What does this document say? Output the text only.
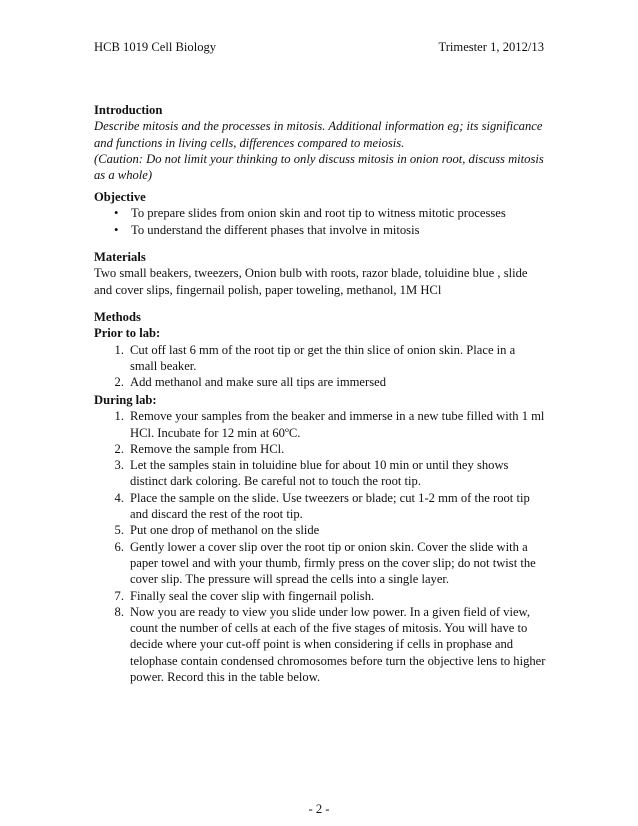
HCB 1019 Cell Biology	Trimester 1, 2012/13
Introduction
Describe mitosis and the processes in mitosis. Additional information eg; its significance
and functions in living cells, differences compared to meiosis.
(Caution: Do not limit your thinking to only discuss mitosis in onion root, discuss mitosis
as a whole)
Objective
• To prepare slides from onion skin and root tip to witness mitotic processes
• To understand the different phases that involve in mitosis
Materials
Two small beakers, tweezers, Onion bulb with roots, razor blade, toluidine blue , slide
and cover slips, fingernail polish, paper toweling, methanol, 1M HCl
Methods
Prior to lab:
1. Cut off last 6 mm of the root tip or get the thin slice of onion skin. Place in a
small beaker.
2. Add methanol and make sure all tips are immersed
During lab:
1. Remove your samples from the beaker and immerse in a new tube filled with 1 ml
HCl. Incubate for 12 min at 60ºC.
2. Remove the sample from HCl.
3. Let the samples stain in toluidine blue for about 10 min or until they shows
distinct dark coloring. Be careful not to touch the root tip.
4. Place the sample on the slide. Use tweezers or blade; cut 1-2 mm of the root tip
and discard the rest of the root tip.
5. Put one drop of methanol on the slide
6. Gently lower a cover slip over the root tip or onion skin. Cover the slide with a
paper towel and with your thumb, firmly press on the cover slip; do not twist the
cover slip. The pressure will spread the cells into a single layer.
7. Finally seal the cover slip with fingernail polish.
8. Now you are ready to view you slide under low power. In a given field of view,
count the number of cells at each of the five stages of mitosis. You will have to
decide where your cut-off point is when considering if cells in prophase and
telophase contain condensed chromosomes before turn the objective lens to higher
power. Record this in the table below.
- 2 -
